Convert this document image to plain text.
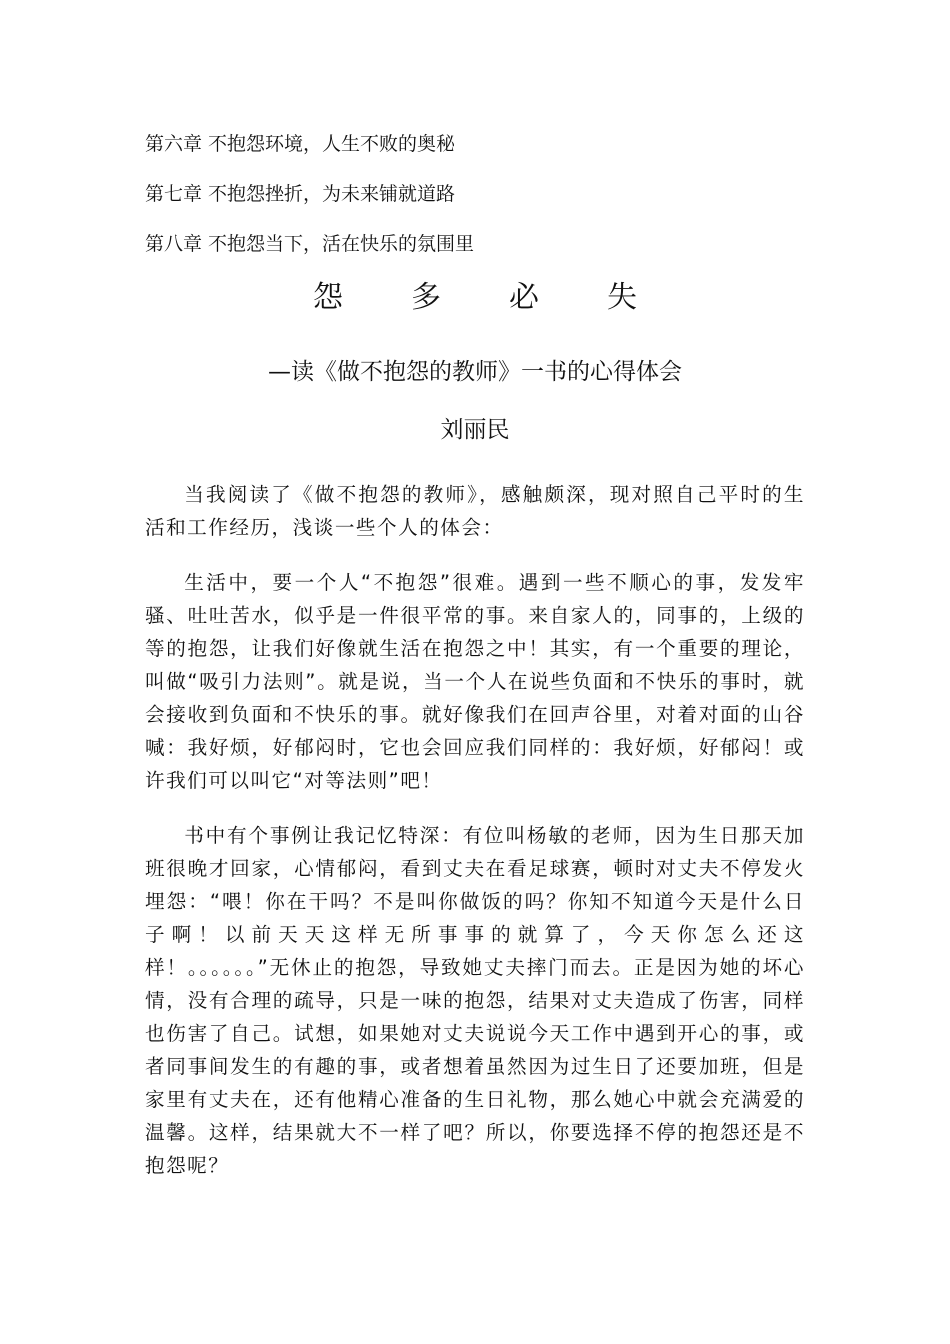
第六章 不抱怨环境，人生不败的奥秘
第七章 不抱怨挫折，为未来铺就道路
第八章 不抱怨当下，活在快乐的氛围里
怨 多 必 失
—读《做不抱怨的教师》一书的心得体会
刘丽民

当我阅读了《做不抱怨的教师》，感触颇深，现对照自己平时的生活和工作经历，浅谈一些个人的体会：

生活中，要一个人“不抱怨”很难。遇到一些不顺心的事，发发牢骚、吐吐苦水，似乎是一件很平常的事。来自家人的，同事的，上级的等的抱怨，让我们好像就生活在抱怨之中！其实，有一个重要的理论，叫做“吸引力法则”。就是说，当一个人在说些负面和不快乐的事时，就会接收到负面和不快乐的事。就好像我们在回声谷里，对着对面的山谷喊：我好烦，好郁闷时，它也会回应我们同样的：我好烦，好郁闷！或许我们可以叫它“对等法则”吧！

书中有个事例让我记忆特深：有位叫杨敏的老师，因为生日那天加班很晚才回家，心情郁闷，看到丈夫在看足球赛，顿时对丈夫不停发火埋怨：“喂！你在干吗？不是叫你做饭的吗？你知不知道今天是什么日子啊！以前天天这样无所事事的就算了，今天你怎么还这样！。。。。。。”无休止的抱怨，导致她丈夫摔门而去。正是因为她的坏心情，没有合理的疏导，只是一味的抱怨，结果对丈夫造成了伤害，同样也伤害了自己。试想，如果她对丈夫说说今天工作中遇到开心的事，或者同事间发生的有趣的事，或者想着虽然因为过生日了还要加班，但是家里有丈夫在，还有他精心准备的生日礼物，那么她心中就会充满爱的温馨。这样，结果就大不一样了吧？所以，你要选择不停的抱怨还是不抱怨呢？
